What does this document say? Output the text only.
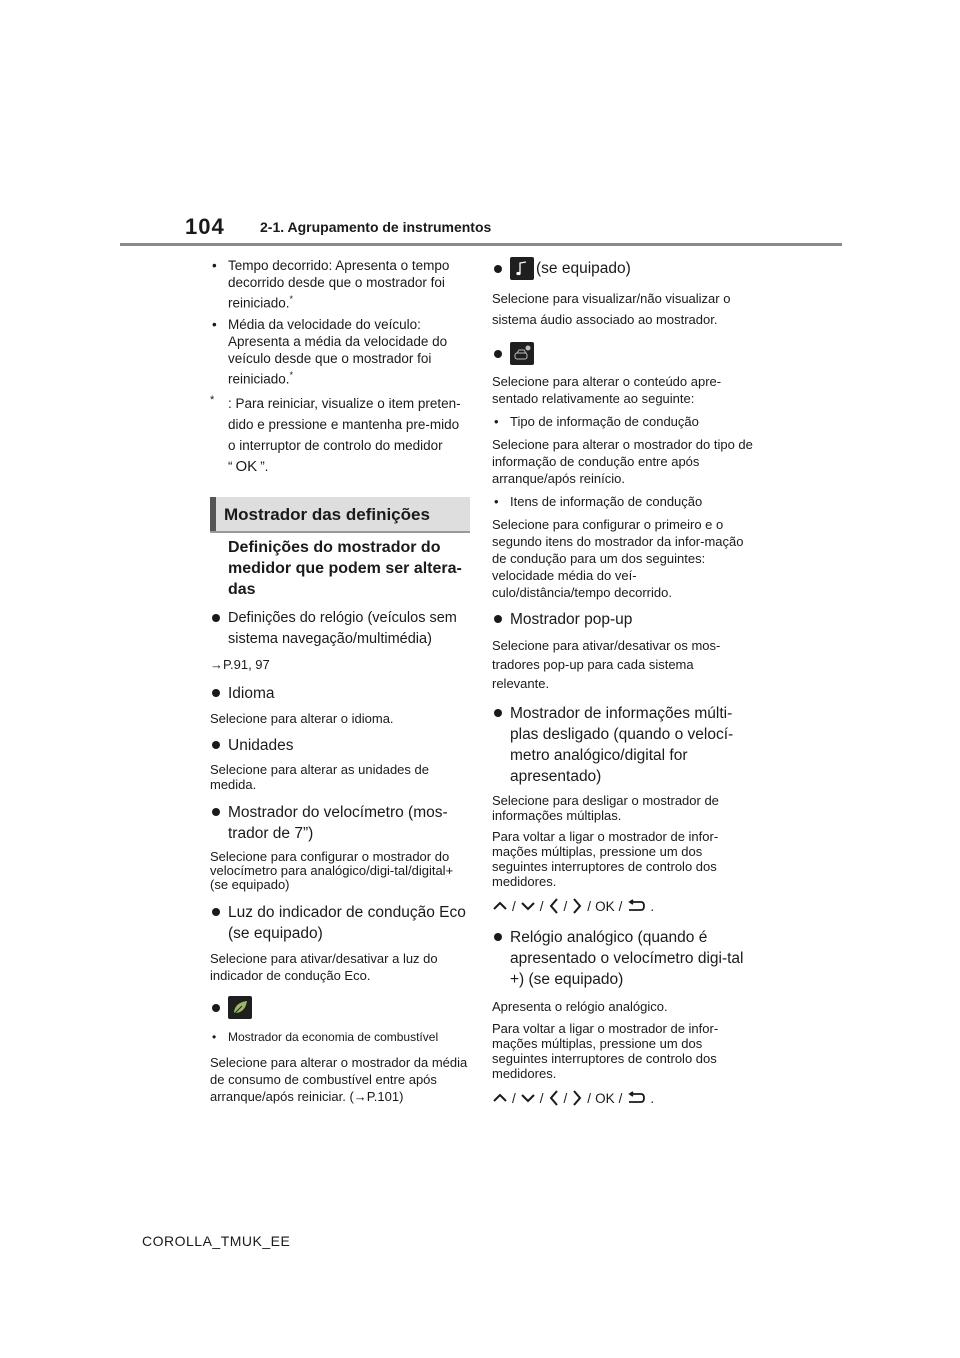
104	2-1. Agrupamento de instrumentos

• Tempo decorrido: Apresenta o tempo decorrido desde que o mostrador foi reiniciado.*

• Média da velocidade do veículo: Apresenta a média da velocidade do veículo desde que o mostrador foi reiniciado.*

* : Para reiniciar, visualize o item preten-dido e pressione e mantenha pre-mido o interruptor de controlo do medidor “ OK ”.

Mostrador das definições

Definições do mostrador do medidor que podem ser altera-das

Definições do relógio (veículos sem sistema navegação/multimédia)

→P.91, 97

Idioma

Selecione para alterar o idioma.

Unidades

Selecione para alterar as unidades de medida.

Mostrador do velocímetro (mos-trador de 7”)

Selecione para configurar o mostrador do velocímetro para analógico/digi-tal/digital+ (se equipado)

Luz do indicador de condução Eco (se equipado)

Selecione para ativar/desativar a luz do indicador de condução Eco.

• Mostrador da economia de combustível

Selecione para alterar o mostrador da média de consumo de combustível entre após arranque/após reiniciar. (→P.101)

(se equipado)

Selecione para visualizar/não visualizar o sistema áudio associado ao mostrador.

Selecione para alterar o conteúdo apre-sentado relativamente ao seguinte:

• Tipo de informação de condução

Selecione para alterar o mostrador do tipo de informação de condução entre após arranque/após reinício.

• Itens de informação de condução

Selecione para configurar o primeiro e o segundo itens do mostrador da infor-mação de condução para um dos seguintes: velocidade média do veí-culo/distância/tempo decorrido.

Mostrador pop-up

Selecione para ativar/desativar os mos-tradores pop-up para cada sistema relevante.

Mostrador de informações múlti-plas desligado (quando o velocí-metro analógico/digital for apresentado)

Selecione para desligar o mostrador de informações múltiplas.

Para voltar a ligar o mostrador de infor-mações múltiplas, pressione um dos seguintes interruptores de controlo dos medidores.

/ / / / OK / .

Relógio analógico (quando é apresentado o velocímetro digi-tal +) (se equipado)

Apresenta o relógio analógico.

Para voltar a ligar o mostrador de infor-mações múltiplas, pressione um dos seguintes interruptores de controlo dos medidores.

/ / / / OK / .
COROLLA_TMUK_EE
